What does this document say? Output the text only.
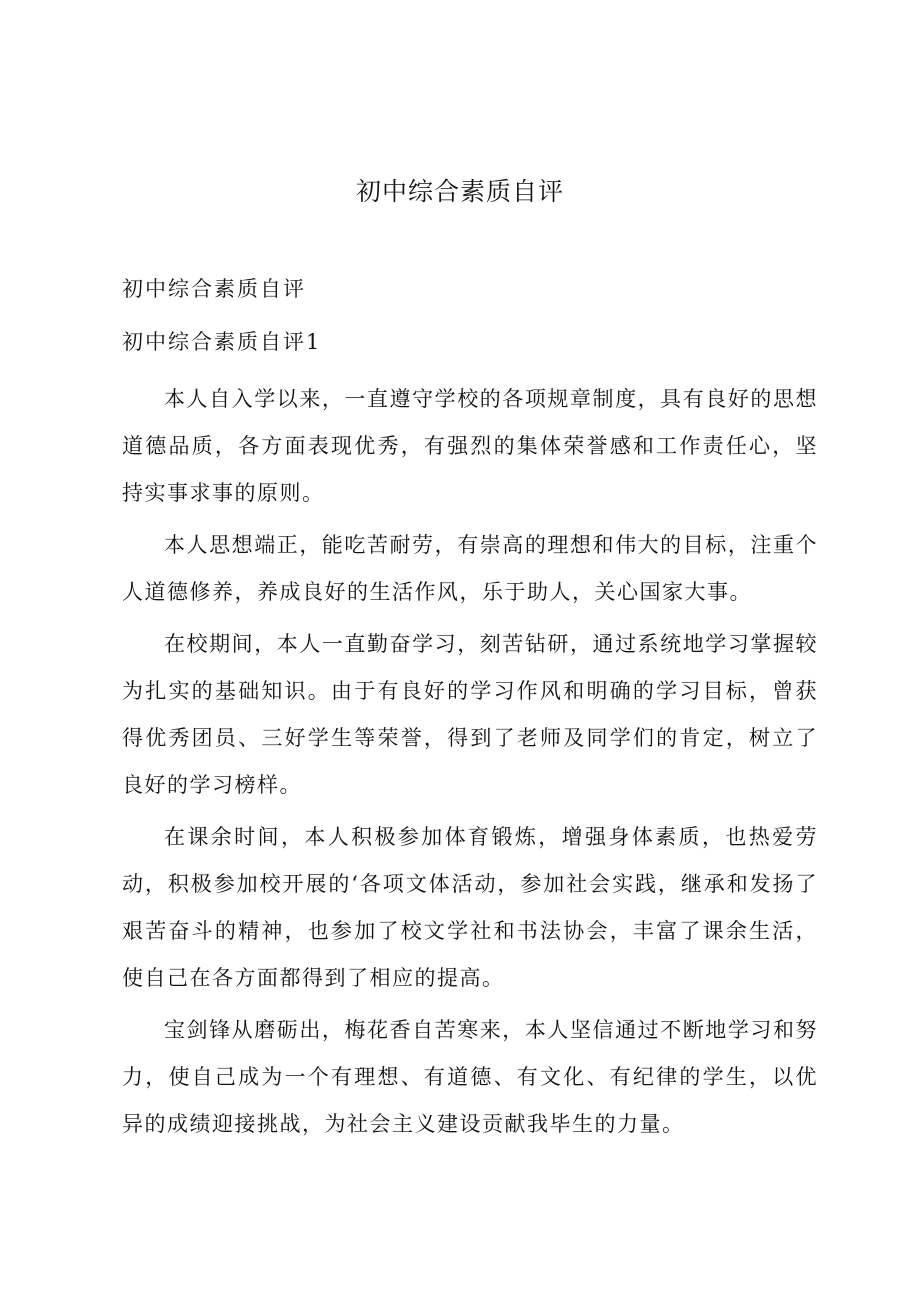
初中综合素质自评
初中综合素质自评
初中综合素质自评1

本人自入学以来，一直遵守学校的各项规章制度，具有良好的思想道德品质，各方面表现优秀，有强烈的集体荣誉感和工作责任心，坚持实事求事的原则。

本人思想端正，能吃苦耐劳，有崇高的理想和伟大的目标，注重个人道德修养，养成良好的生活作风，乐于助人，关心国家大事。

在校期间，本人一直勤奋学习，刻苦钻研，通过系统地学习掌握较为扎实的基础知识。由于有良好的学习作风和明确的学习目标，曾获得优秀团员、三好学生等荣誉，得到了老师及同学们的肯定，树立了良好的学习榜样。

在课余时间，本人积极参加体育锻炼，增强身体素质，也热爱劳动，积极参加校开展的‘各项文体活动，参加社会实践，继承和发扬了艰苦奋斗的精神，也参加了校文学社和书法协会，丰富了课余生活，使自己在各方面都得到了相应的提高。

宝剑锋从磨砺出，梅花香自苦寒来，本人坚信通过不断地学习和努力，使自己成为一个有理想、有道德、有文化、有纪律的学生，以优异的成绩迎接挑战，为社会主义建设贡献我毕生的力量。
